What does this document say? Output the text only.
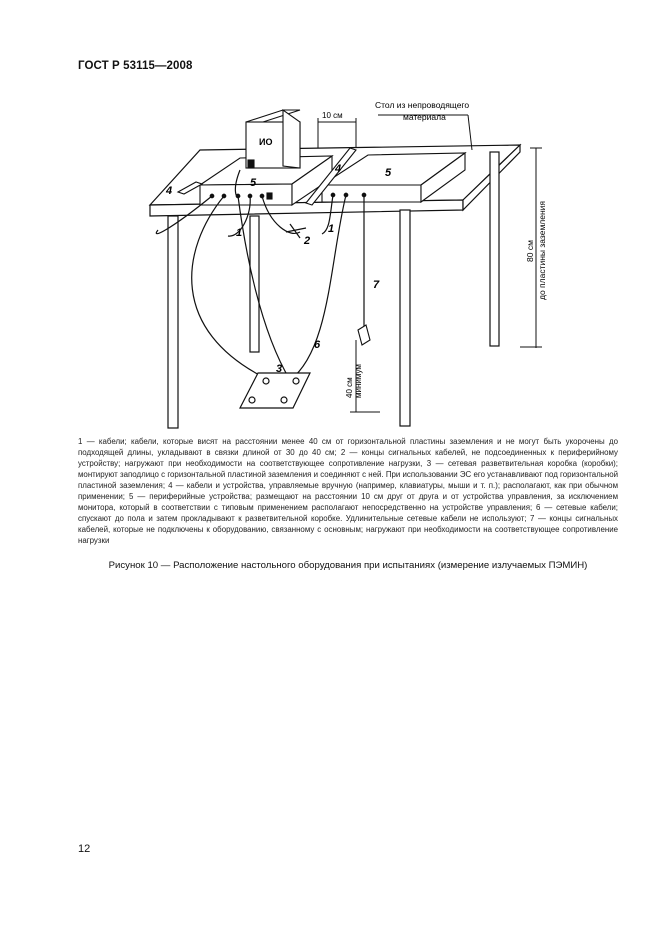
ГОСТ Р 53115—2008
Стол из непроводящего
материала
10 см
ИО
80 см до пластины заземления
40 см минимум
1	1
2
3
4
4
5
5
6
7
1 — кабели; кабели, которые висят на расстоянии менее 40 см от горизонтальной пластины заземления и не могут быть укорочены до подходящей длины, укладывают в связки длиной от 30 до 40 см; 2 — концы сигнальных кабелей, не подсоединенных к периферийному устройству; нагружают при необходимости на соответствующее сопротивление нагрузки, 3 — сетевая разветвительная коробка (коробки); монтируют заподлицо с горизонтальной пластиной заземления и соединяют с ней. При использовании ЭС его устанавливают под горизонтальной пластиной заземления; 4 — кабели и устройства, управляемые вручную (например, клавиатуры, мыши и т. п.); располагают, как при обычном применении; 5 — периферийные устройства; размещают на расстоянии 10 см друг от друга и от устройства управления, за исключением монитора, который в соответствии с типовым применением располагают непосредственно на устройстве управления; 6 — сетевые кабели; спускают до пола и затем прокладывают к разветвительной коробке. Удлинительные сетевые кабели не используют; 7 — концы сигнальных кабелей, которые не подключены к оборудованию, связанному с основным; нагружают при необходимости на соответствующее сопротивление нагрузки
Рисунок 10 — Расположение настольного оборудования при испытаниях (измерение излучаемых ПЭМИН)
12
